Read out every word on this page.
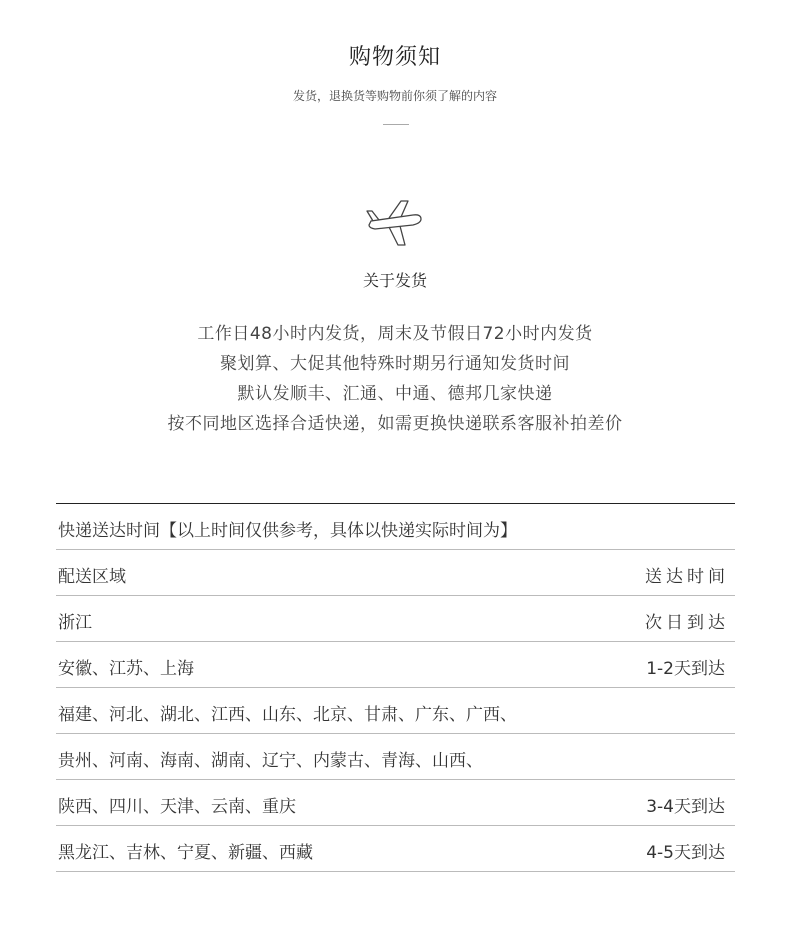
购物须知
发货，退换货等购物前你须了解的内容
关于发货
工作日48小时内发货，周末及节假日72小时内发货
聚划算、大促其他特殊时期另行通知发货时间
默认发顺丰、汇通、中通、德邦几家快递
按不同地区选择合适快递，如需更换快递联系客服补拍差价
快递送达时间【以上时间仅供参考，具体以快递实际时间为】
配送区域	送达时间
浙江	次日到达
安徽、江苏、上海	1-2天到达
福建、河北、湖北、江西、山东、北京、甘肃、广东、广西、
贵州、河南、海南、湖南、辽宁、内蒙古、青海、山西、
陕西、四川、天津、云南、重庆	3-4天到达
黑龙江、吉林、宁夏、新疆、西藏	4-5天到达
